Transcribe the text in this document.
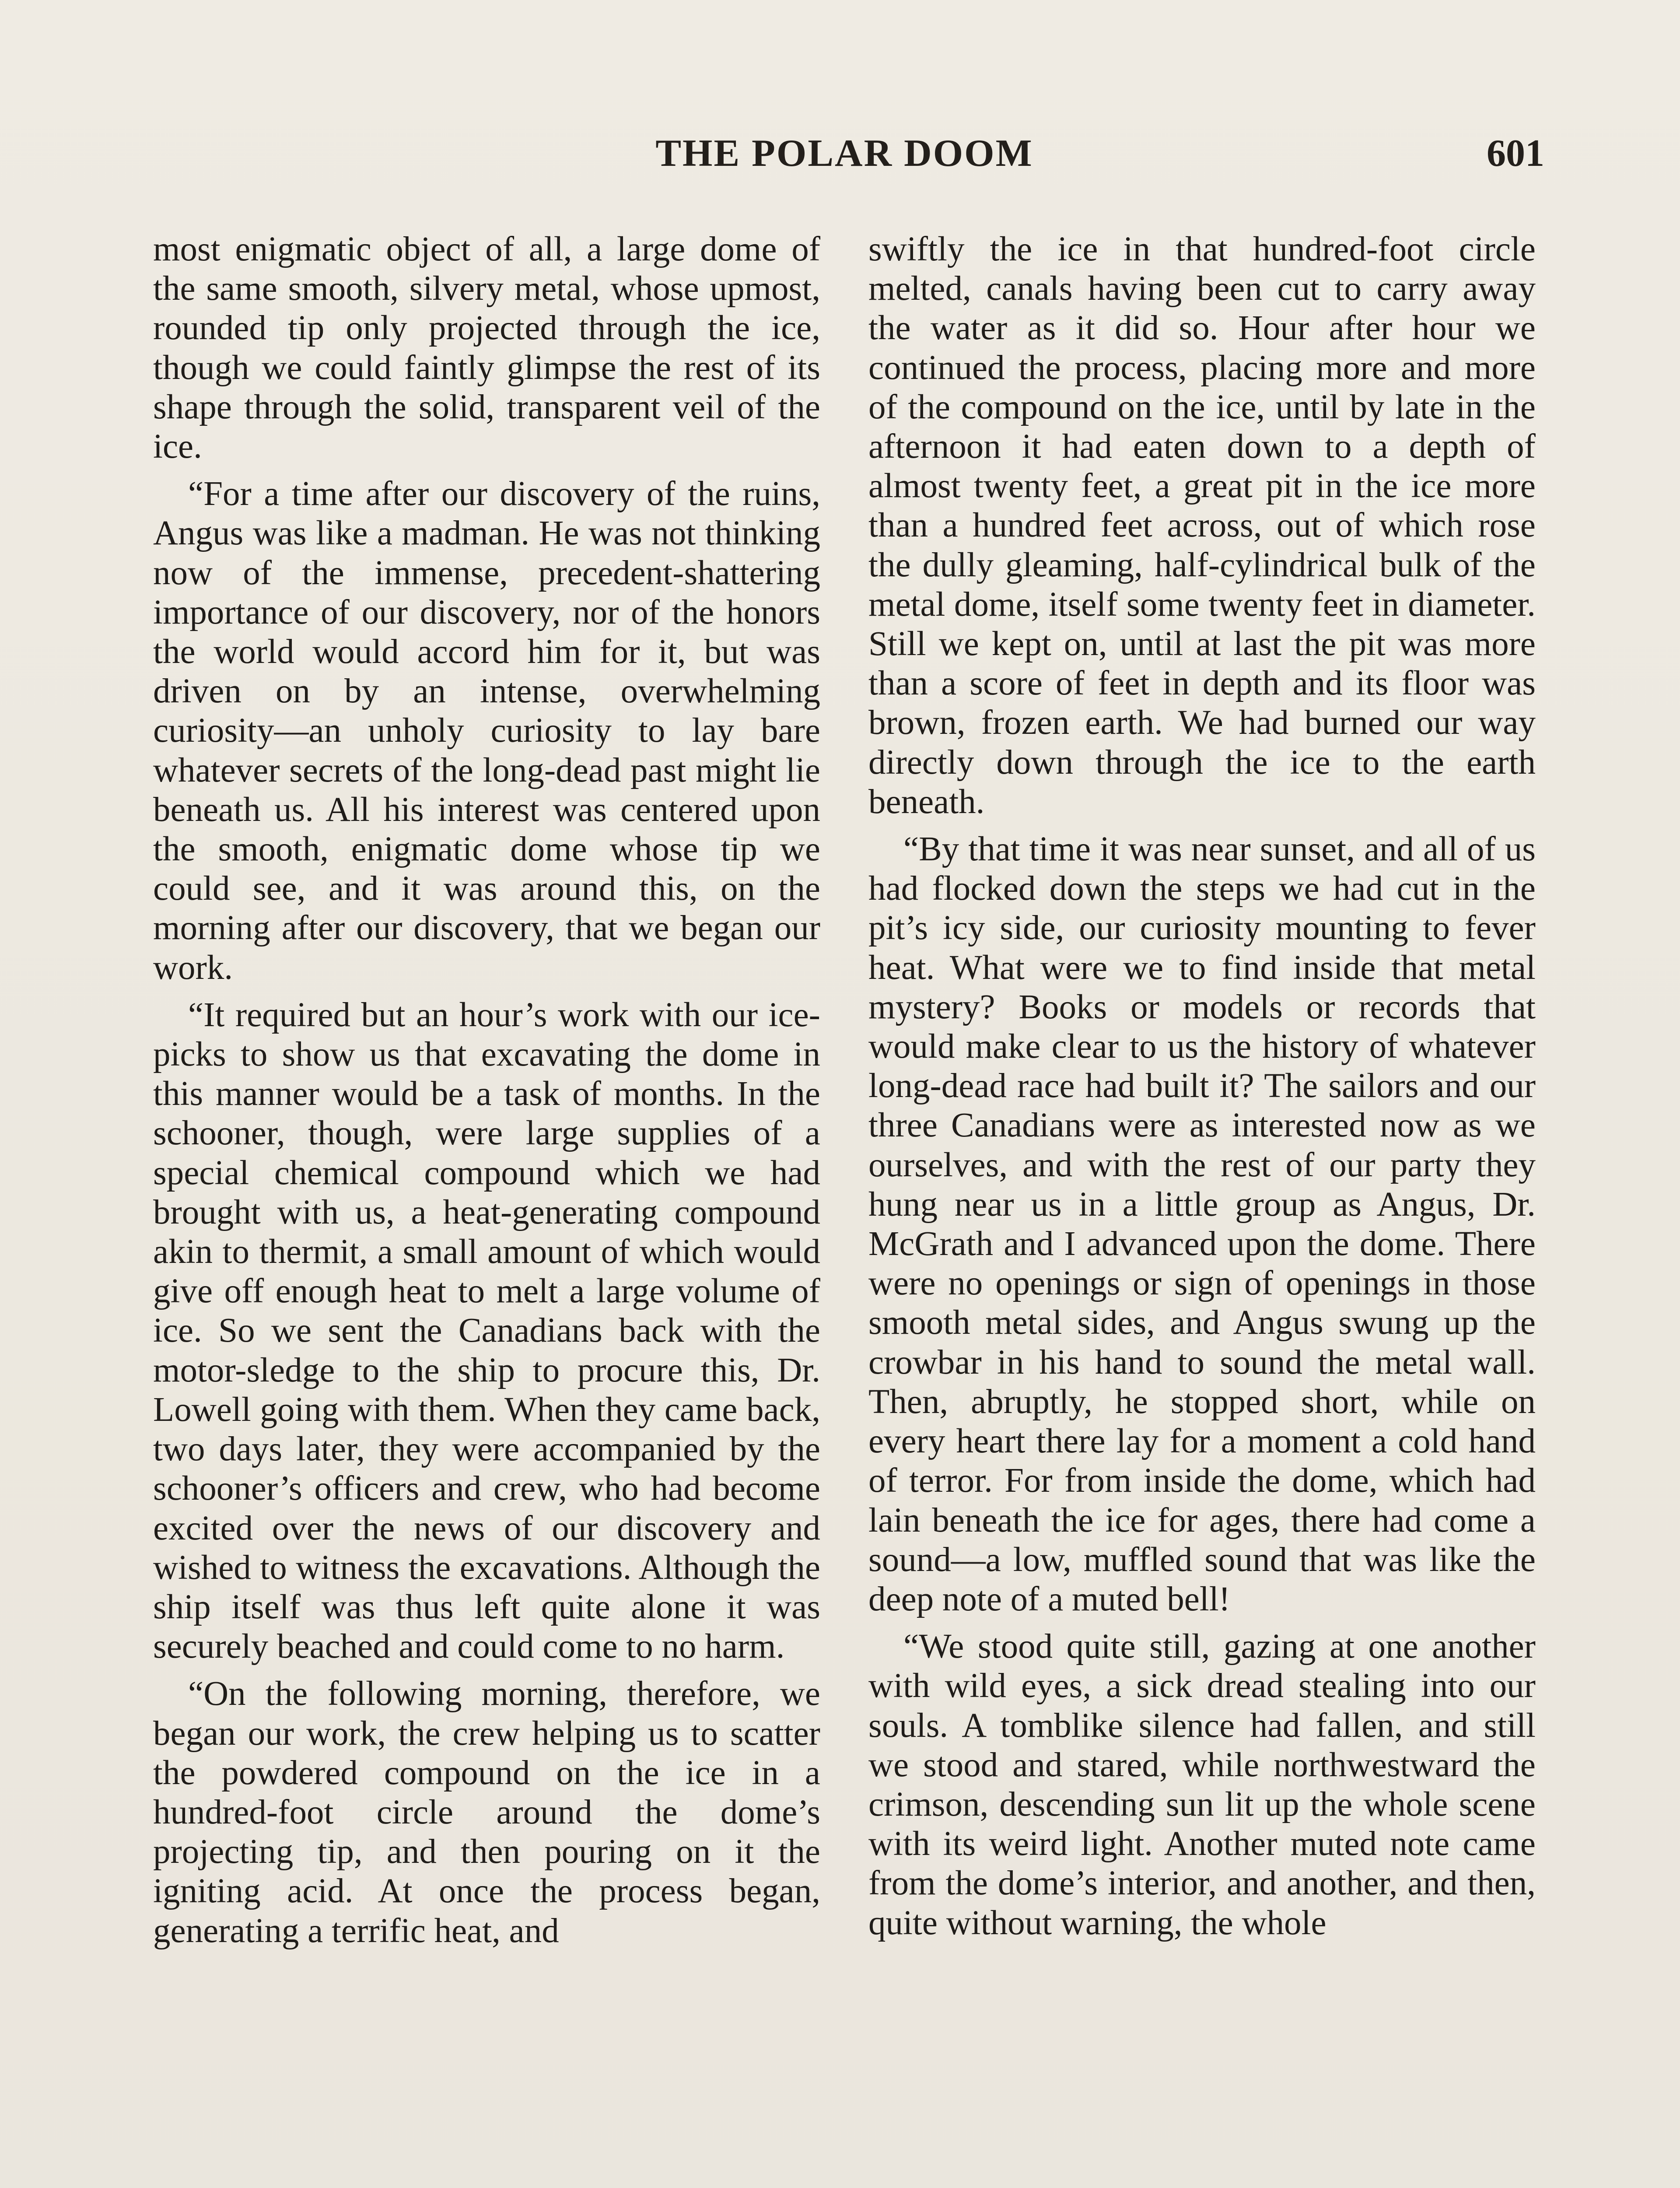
THE POLAR DOOM	601

most enigmatic object of all, a large dome of the same smooth, silvery metal, whose upmost, rounded tip only projected through the ice, though we could faintly glimpse the rest of its shape through the solid, transparent veil of the ice.

“For a time after our discovery of the ruins, Angus was like a madman. He was not thinking now of the immense, precedent-shattering importance of our discovery, nor of the honors the world would accord him for it, but was driven on by an intense, overwhelming curiosity—an unholy curiosity to lay bare whatever secrets of the long-dead past might lie beneath us. All his interest was centered upon the smooth, enigmatic dome whose tip we could see, and it was around this, on the morning after our discovery, that we began our work.

“It required but an hour’s work with our ice-picks to show us that excavating the dome in this manner would be a task of months. In the schooner, though, were large supplies of a special chemical compound which we had brought with us, a heat-generating compound akin to thermit, a small amount of which would give off enough heat to melt a large volume of ice. So we sent the Canadians back with the motor-sledge to the ship to procure this, Dr. Lowell going with them. When they came back, two days later, they were accompanied by the schooner’s officers and crew, who had become excited over the news of our discovery and wished to witness the excavations. Although the ship itself was thus left quite alone it was securely beached and could come to no harm.

“On the following morning, therefore, we began our work, the crew helping us to scatter the powdered compound on the ice in a hundred-foot circle around the dome’s projecting tip, and then pouring on it the igniting acid. At once the process began, generating a terrific heat, and

swiftly the ice in that hundred-foot circle melted, canals having been cut to carry away the water as it did so. Hour after hour we continued the process, placing more and more of the compound on the ice, until by late in the afternoon it had eaten down to a depth of almost twenty feet, a great pit in the ice more than a hundred feet across, out of which rose the dully gleaming, half-cylindrical bulk of the metal dome, itself some twenty feet in diameter. Still we kept on, until at last the pit was more than a score of feet in depth and its floor was brown, frozen earth. We had burned our way directly down through the ice to the earth beneath.

“By that time it was near sunset, and all of us had flocked down the steps we had cut in the pit’s icy side, our curiosity mounting to fever heat. What were we to find inside that metal mystery? Books or models or records that would make clear to us the history of whatever long-dead race had built it? The sailors and our three Canadians were as interested now as we ourselves, and with the rest of our party they hung near us in a little group as Angus, Dr. McGrath and I advanced upon the dome. There were no openings or sign of openings in those smooth metal sides, and Angus swung up the crowbar in his hand to sound the metal wall. Then, abruptly, he stopped short, while on every heart there lay for a moment a cold hand of terror. For from inside the dome, which had lain beneath the ice for ages, there had come a sound—a low, muffled sound that was like the deep note of a muted bell!

“We stood quite still, gazing at one another with wild eyes, a sick dread stealing into our souls. A tomblike silence had fallen, and still we stood and stared, while northwestward the crimson, descending sun lit up the whole scene with its weird light. Another muted note came from the dome’s interior, and another, and then, quite without warning, the whole
